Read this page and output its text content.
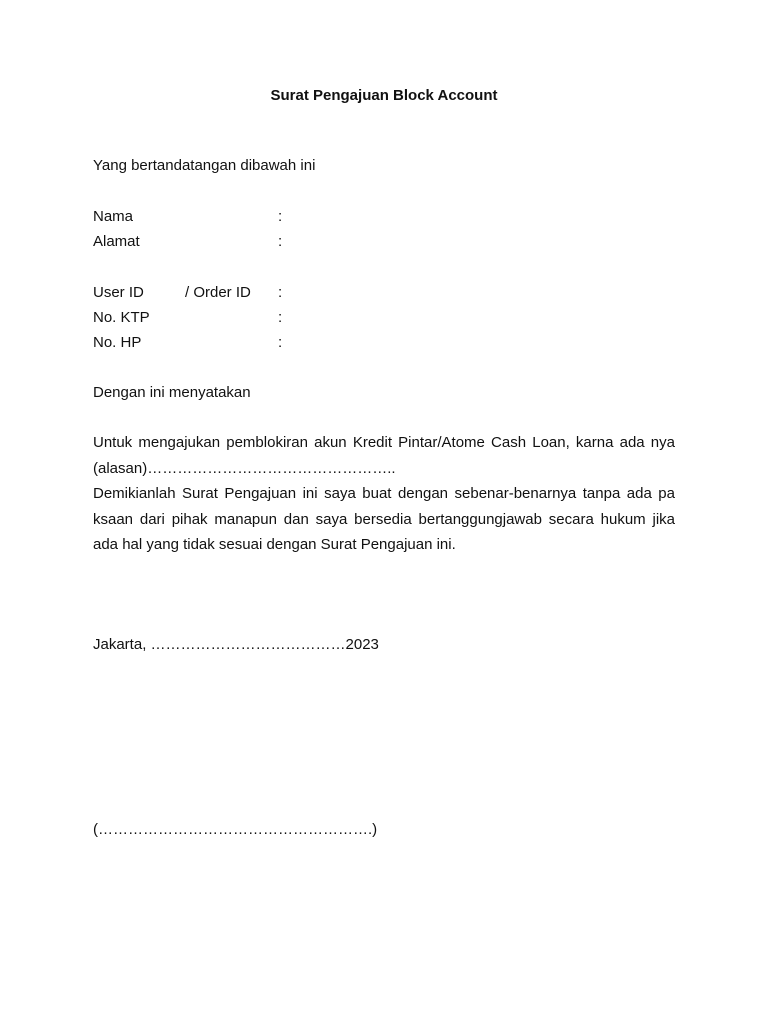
Surat Pengajuan Block Account
Yang bertandatangan dibawah ini
Nama	:
Alamat	:
User ID	/ Order ID :
No. KTP	:
No. HP	:
Dengan ini menyatakan
Untuk mengajukan pemblokiran akun Kredit Pintar/Atome Cash Loan, karna ada nya
(alasan)…………………………………………..
Demikianlah Surat Pengajuan ini saya buat dengan sebenar-benarnya tanpa ada pa
ksaan dari pihak manapun dan saya bersedia bertanggungjawab secara hukum jika
ada hal yang tidak sesuai dengan Surat Pengajuan ini.
Jakarta, …………………………………2023
(……………………………………………….)
